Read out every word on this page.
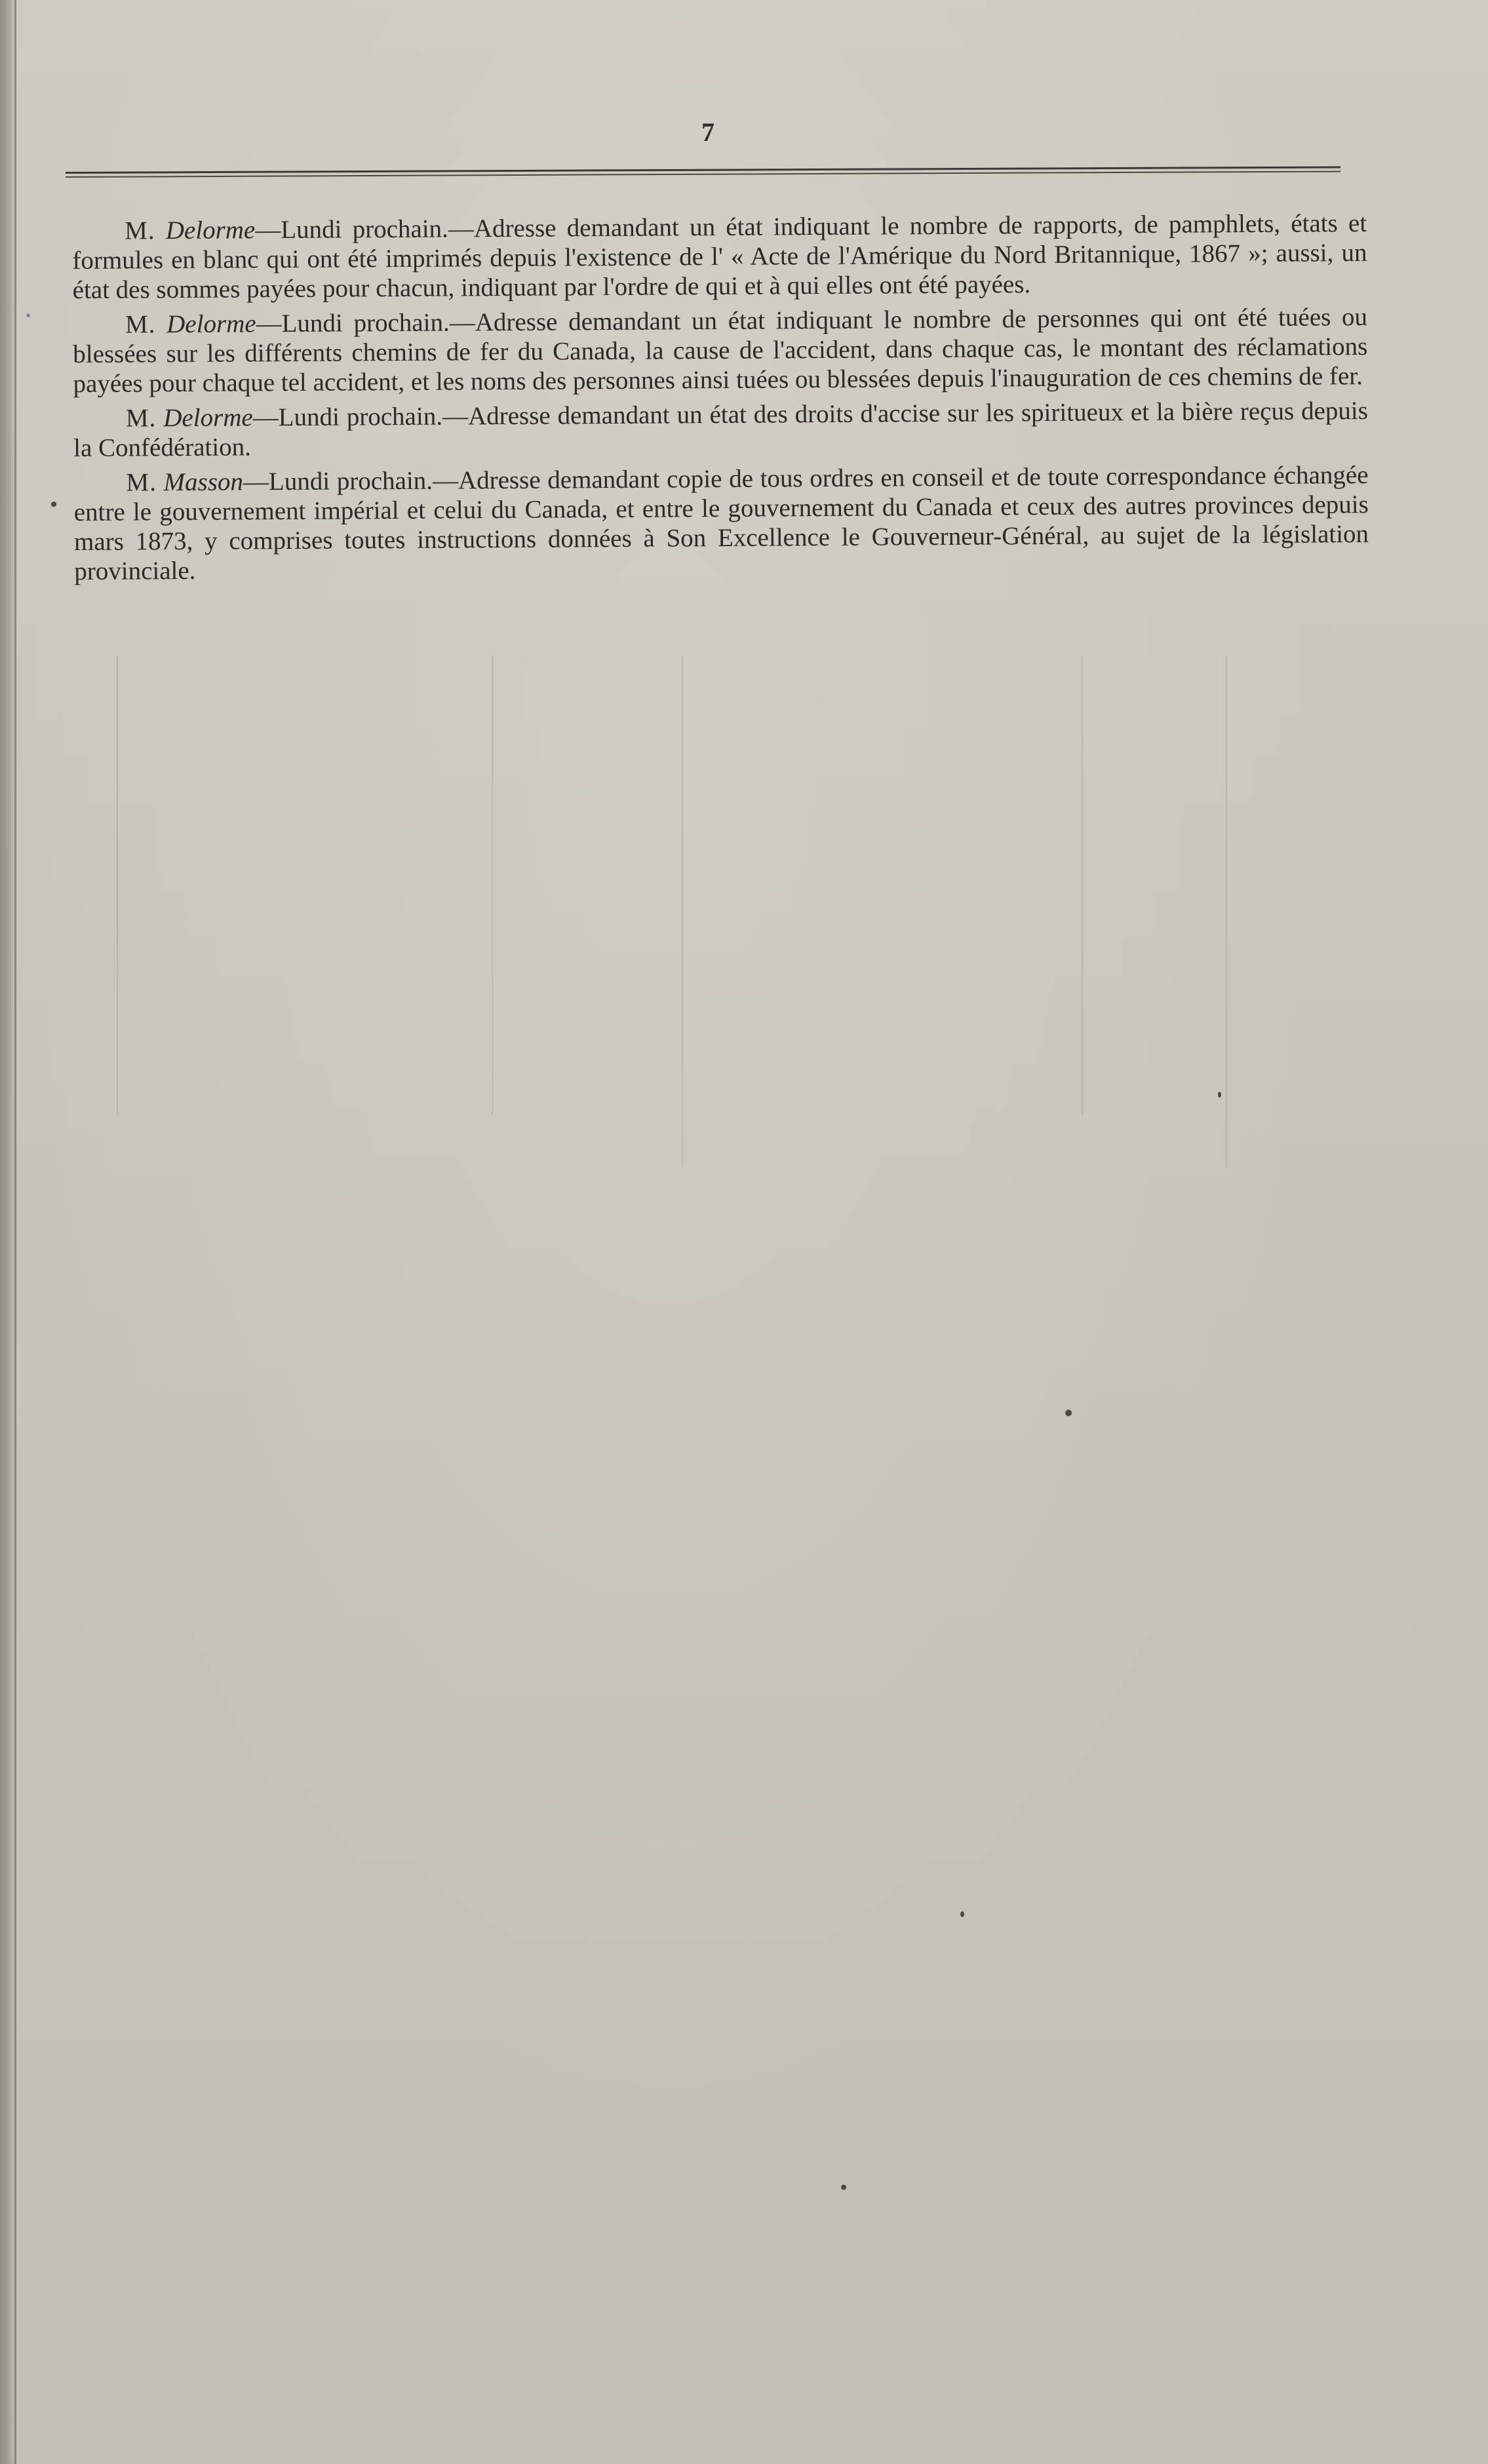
7

M. Delorme—Lundi prochain.—Adresse demandant un état indiquant le nombre de rapports, de pamphlets, états et formules en blanc qui ont été imprimés depuis l'existence de l' « Acte de l'Amérique du Nord Britannique, 1867 »; aussi, un état des sommes payées pour chacun, indiquant par l'ordre de qui et à qui elles ont été payées.

M. Delorme—Lundi prochain.—Adresse demandant un état indiquant le nombre de personnes qui ont été tuées ou blessées sur les différents chemins de fer du Canada, la cause de l'accident, dans chaque cas, le montant des réclamations payées pour chaque tel accident, et les noms des personnes ainsi tuées ou blessées depuis l'inauguration de ces chemins de fer.

M. Delorme—Lundi prochain.—Adresse demandant un état des droits d'accise sur les spiritueux et la bière reçus depuis la Confédération.

M. Masson—Lundi prochain.—Adresse demandant copie de tous ordres en conseil et de toute correspondance échangée entre le gouvernement impérial et celui du Canada, et entre le gouvernement du Canada et ceux des autres provinces depuis mars 1873, y comprises toutes instructions données à Son Excellence le Gouverneur-Général, au sujet de la législation provinciale.
